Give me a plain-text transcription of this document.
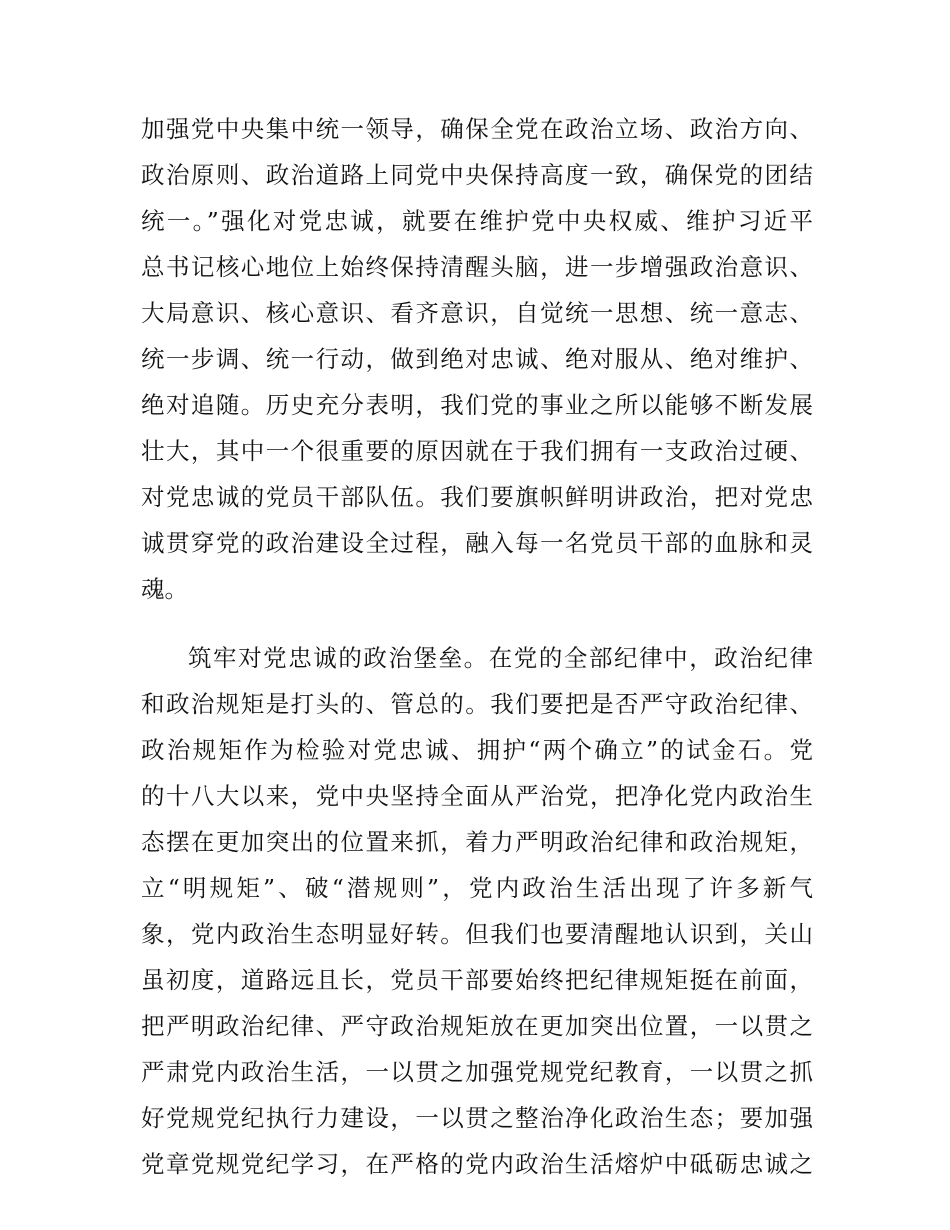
加强党中央集中统一领导，确保全党在政治立场、政治方向、
政治原则、政治道路上同党中央保持高度一致，确保党的团结
统一。”强化对党忠诚，就要在维护党中央权威、维护习近平
总书记核心地位上始终保持清醒头脑，进一步增强政治意识、
大局意识、核心意识、看齐意识，自觉统一思想、统一意志、
统一步调、统一行动，做到绝对忠诚、绝对服从、绝对维护、
绝对追随。历史充分表明，我们党的事业之所以能够不断发展
壮大，其中一个很重要的原因就在于我们拥有一支政治过硬、
对党忠诚的党员干部队伍。我们要旗帜鲜明讲政治，把对党忠
诚贯穿党的政治建设全过程，融入每一名党员干部的血脉和灵
魂。
筑牢对党忠诚的政治堡垒。在党的全部纪律中，政治纪律
和政治规矩是打头的、管总的。我们要把是否严守政治纪律、
政治规矩作为检验对党忠诚、拥护“两个确立”的试金石。党
的十八大以来，党中央坚持全面从严治党，把净化党内政治生
态摆在更加突出的位置来抓，着力严明政治纪律和政治规矩，
立“明规矩”、破“潜规则”，党内政治生活出现了许多新气
象，党内政治生态明显好转。但我们也要清醒地认识到，关山
虽初度，道路远且长，党员干部要始终把纪律规矩挺在前面，
把严明政治纪律、严守政治规矩放在更加突出位置，一以贯之
严肃党内政治生活，一以贯之加强党规党纪教育，一以贯之抓
好党规党纪执行力建设，一以贯之整治净化政治生态；要加强
党章党规党纪学习，在严格的党内政治生活熔炉中砥砺忠诚之
